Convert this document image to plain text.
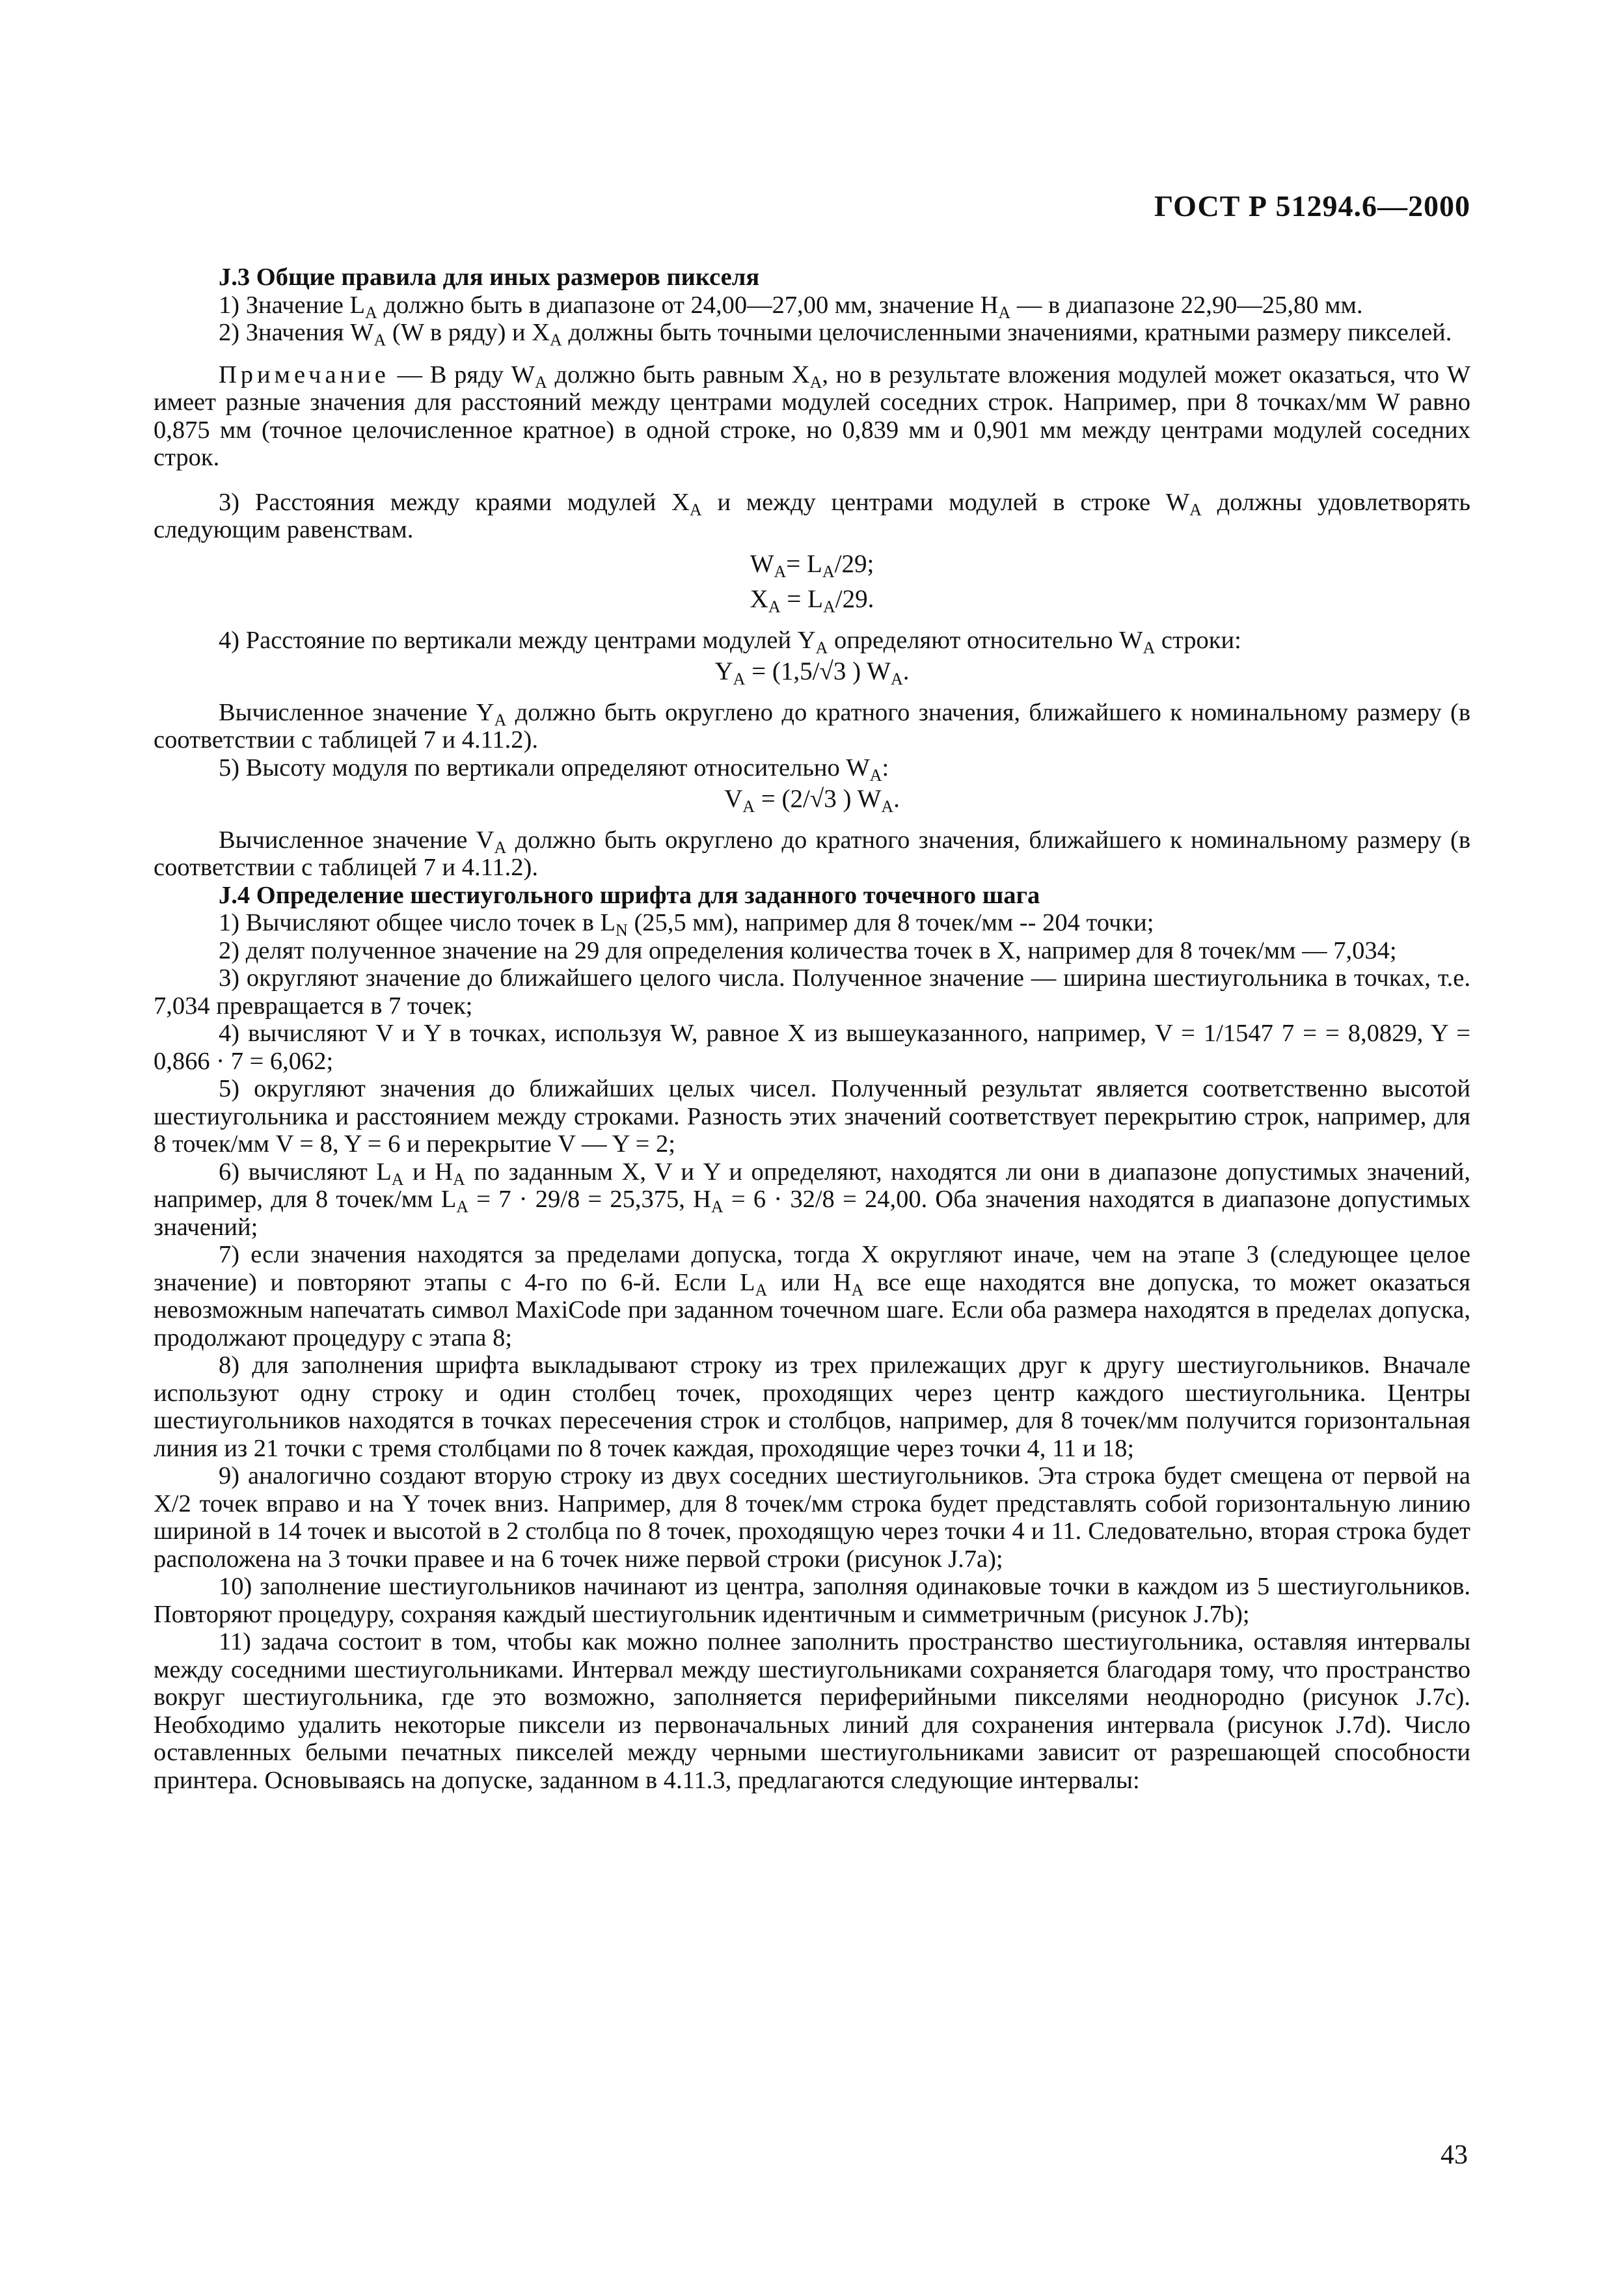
ГОСТ Р 51294.6—2000

J.3 Общие правила для иных размеров пикселя

1) Значение $L_A$ должно быть в диапазоне от 24,00—27,00 мм, значение $H_A$ — в диапазоне 22,90—25,80 мм.

2) Значения $W_A$ (W в ряду) и $X_A$ должны быть точными целочисленными значениями, кратными размеру пикселей.

Примечание — В ряду $W_A$ должно быть равным $X_A$, но в результате вложения модулей может оказаться, что W имеет разные значения для расстояний между центрами модулей соседних строк. Например, при 8 точках/мм W равно 0,875 мм (точное целочисленное кратное) в одной строке, но 0,839 мм и 0,901 мм между центрами модулей соседних строк.

3) Расстояния между краями модулей $X_A$ и между центрами модулей в строке $W_A$ должны удовлетворять следующим равенствам.

$W_A= L_A/29$;

$X_A = L_A/29$.

4) Расстояние по вертикали между центрами модулей $Y_A$ определяют относительно $W_A$ строки:

$Y_A = (1,5/√3$ ) $W_A$.

Вычисленное значение $Y_A$ должно быть округлено до кратного значения, ближайшего к номинальному размеру (в соответствии с таблицей 7 и 4.11.2).

5) Высоту модуля по вертикали определяют относительно $W_A$:

$V_A = (2/√3$ ) $W_A$.

Вычисленное значение $V_A$ должно быть округлено до кратного значения, ближайшего к номинальному размеру (в соответствии с таблицей 7 и 4.11.2).

J.4 Определение шестиугольного шрифта для заданного точечного шага

1) Вычисляют общее число точек в $L_N$ (25,5 мм), например для 8 точек/мм -- 204 точки;

2) делят полученное значение на 29 для определения количества точек в X, например для 8 точек/мм — 7,034;

3) округляют значение до ближайшего целого числа. Полученное значение — ширина шестиугольника в точках, т.е. 7,034 превращается в 7 точек;

4) вычисляют V и Y в точках, используя W, равное X из вышеуказанного, например, V = 1/1547 7 = = 8,0829, Y = 0,866 · 7 = 6,062;

5) округляют значения до ближайших целых чисел. Полученный результат является соответственно высотой шестиугольника и расстоянием между строками. Разность этих значений соответствует перекрытию строк, например, для 8 точек/мм V = 8, Y = 6 и перекрытие V — Y = 2;

6) вычисляют $L_A$ и $H_A$ по заданным X, V и Y и определяют, находятся ли они в диапазоне допустимых значений, например, для 8 точек/мм $L_A = 7 \cdot 29/8 = 25,375$, $H_A = 6 \cdot 32/8 = 24,00$. Оба значения находятся в диапазоне допустимых значений;

7) если значения находятся за пределами допуска, тогда X округляют иначе, чем на этапе 3 (следующее целое значение) и повторяют этапы с 4-го по 6-й. Если $L_A$ или $H_A$ все еще находятся вне допуска, то может оказаться невозможным напечатать символ MaxiCode при заданном точечном шаге. Если оба размера находятся в пределах допуска, продолжают процедуру с этапа 8;

8) для заполнения шрифта выкладывают строку из трех прилежащих друг к другу шестиугольников. Вначале используют одну строку и один столбец точек, проходящих через центр каждого шестиугольника. Центры шестиугольников находятся в точках пересечения строк и столбцов, например, для 8 точек/мм получится горизонтальная линия из 21 точки с тремя столбцами по 8 точек каждая, проходящие через точки 4, 11 и 18;

9) аналогично создают вторую строку из двух соседних шестиугольников. Эта строка будет смещена от первой на X/2 точек вправо и на Y точек вниз. Например, для 8 точек/мм строка будет представлять собой горизонтальную линию шириной в 14 точек и высотой в 2 столбца по 8 точек, проходящую через точки 4 и 11. Следовательно, вторая строка будет расположена на 3 точки правее и на 6 точек ниже первой строки (рисунок J.7а);

10) заполнение шестиугольников начинают из центра, заполняя одинаковые точки в каждом из 5 шестиугольников. Повторяют процедуру, сохраняя каждый шестиугольник идентичным и симметричным (рисунок J.7b);

11) задача состоит в том, чтобы как можно полнее заполнить пространство шестиугольника, оставляя интервалы между соседними шестиугольниками. Интервал между шестиугольниками сохраняется благодаря тому, что пространство вокруг шестиугольника, где это возможно, заполняется периферийными пикселями неоднородно (рисунок J.7c). Необходимо удалить некоторые пиксели из первоначальных линий для сохранения интервала (рисунок J.7d). Число оставленных белыми печатных пикселей между черными шестиугольниками зависит от разрешающей способности принтера. Основываясь на допуске, заданном в 4.11.3, предлагаются следующие интервалы:

43
